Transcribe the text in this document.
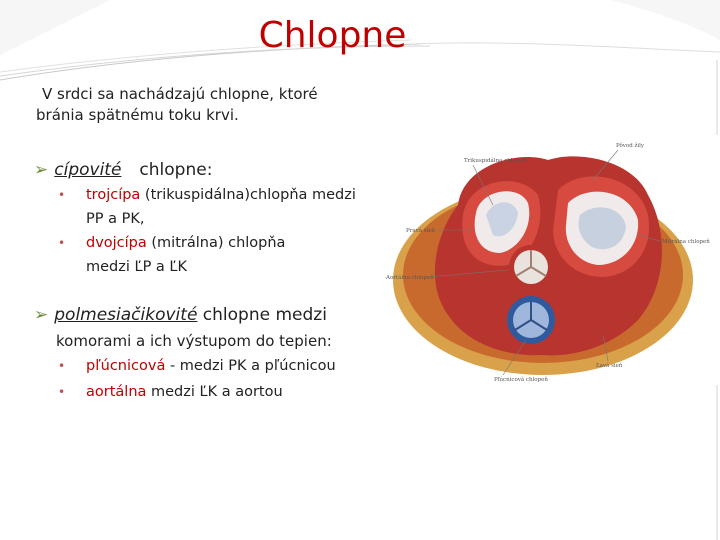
Chlopne
V srdci sa nachádzajú chlopne, ktoré
bránia spätnému toku krvi.
➢ cípovité chlopne:
• trojcípa (trikuspidálna)chlopňa medzi
PP a PK,
• dvojcípa (mitrálna) chlopňa
medzi ĽP a ĽK
➢ polmesiačikovité chlopne medzi
komorami a ich výstupom do tepien:
• pľúcnicová - medzi PK a pľúcnicou
• aortálna medzi ĽK a aortou
Trikuspidálna chlopeň
Pôvod žily
Pravá sieň
Mitrálna chlopeň
Aortálna chlopeň
Pľúcnicová chlopeň
Ľavá sieň
